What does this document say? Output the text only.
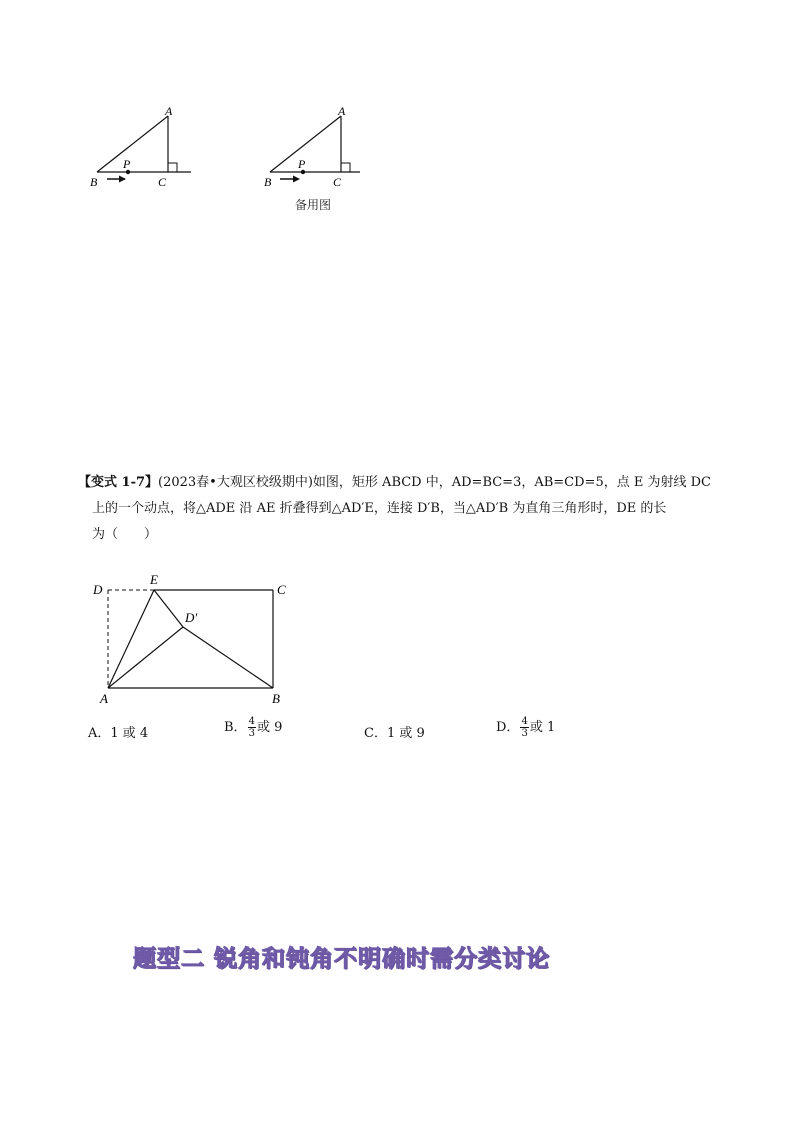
A
B	C
P
A
B	C
P
备用图

【变式 1-7】(2023春•大观区校级期中)如图，矩形 ABCD 中，AD=BC=3，AB=CD=5，点 E 为射线 DC

上的一个动点，将△ADE 沿 AE 折叠得到△AD′E，连接 D′B，当△AD′B 为直角三角形时，DE 的长

为（　　）

D
E
C
D′
A	B
A．1 或 4	B． $\frac{4}{3}$ 或 9	C．1 或 9	D． $\frac{4}{3}$ 或 1
题型二 锐角和钝角不明确时需分类讨论
